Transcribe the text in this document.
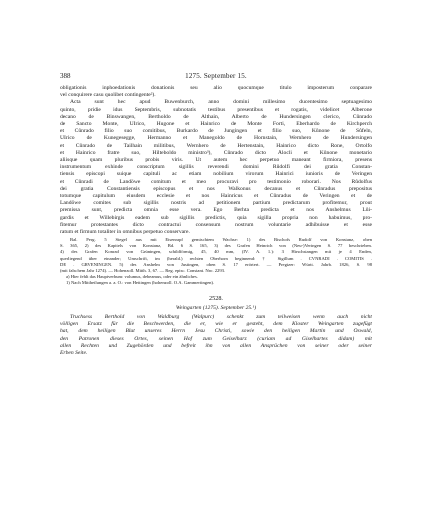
388	1275. September 15.
obligationis inphoedationis donationis seu alio quocumque titulo imposterum conparare
vel conquirere casu quolibet contingente²).
Acta sunt hec apud Buwenburch, anno domini millesimo ducentesimo septuagesimo
quinto, pridie idus Septembris, subnotatis testibus presentibus et rogatis, videlicet Alberone
decano de Binswangen, Bertholdo de Althain, Alberto de Hundersingen clerico, Cůnrado
de Sancto Monte, ŪIrico, Hugone et Hainrico de Monte Forti, Eberhardo de Kirchperch
et Cůnrado filio suo comitibus, Burkardo de Jungingen et filio suo, Kůnone de Sůfeln,
ŪIrico de Kunegesegge, Hermanno et Manegoldo de Hornstain, Wernhero de Hundersingen
et Cůnrado de Tailhain militibus, Wernhero de Hertenstain, Hainrico dicto Rone, Ortolfo
et Hainrico fratre suo, Hilteboldo ministro³), Cůnrado dicto Ålocli et Kůnone monetario
aliisque quam pluribus probis viris. Ut autem hec perpetuo maneant firmiora, presens
instrumentum exhinde conscriptum sigillis reverendi domini Růdolfi dei gratia Constan-
tiensis episcopi suique capituli ac etiam nobilium virorum Hainrici iunioris de Veringen
et Cůnradi de Landöwe comitum et meo procuravi pro testimonio roborari. Nos Růdolfus
dei gratia Constantiensis episcopus et nos Walkonus decanus et Cůnradus prepositus
totumque capitulum eiusdem ecclesie et nos Hainricus et Cůnradus de Veringen et de
Landöwe comites sub sigillis nostris ad petitionem partium predictarum profitemur, prout
premissa sunt, predicta omnia esse vera. Ego Berhta predicta et nos Anshelmus Lůi-
gardis et Willebirgis eadem sub sigillis predictis, quia sigilla propria non habuimus, pro-
fitemur protestantes dicto contractui consensum nostrum voluntarie adhibuisse et esse
ratum et firmum totaliter in omnibus perpetuo conservare.
Bal. Perg. 5 Siegel aus mit Eisenrapf gemischtem Wachse: 1) des Bischofs Rudolf von Konstanz, oben
S. 365, 2) des Kapitels von Konstanz, Bd. 6 S. 165, 3) des Grafen Heinrich von (Neu-)Veringen S. 77 beschrieben.
4) des Grafen Konrad von Grüningen, schildförmig, 45, 40 mm, (IV. A. 1.): 3 Hirschstangen mit je 4 Enden,
querliegend über einander; Umschrift, im (herald.) rechten Oberhorn beginnend: † Sigillum . CVNRADI . COMITIS .
DE . GRVENINGEN. 5) des Anshelm von Justingen, oben S. 17 erörtert. — Pregizer: Württ. Jahrb. 1826, S. 98
(mit falschem Jahr 1274). — Hohenzoll. Mitth. 3, 67. — Reg. episc. Constant. Nro. 2293.
a) Hier fehlt das Hauptverbum: volumus, debeamus, oder ein ähnliches.
1) Nach Mittheilungen a. a. O.: von Hettingen (hohenzoll. O.A. Gammertingen).
2528.
Weingarten (1275). September 25.¹)
Truchsess Berthold von Waldburg (Walpurc) schenkt zum teilweisen wenn auch nicht
völligen Ersatz für die Beschwerden, die er, wie er gesteht, dem Kloster Weingarten zugefügt
hat, dem heiligen Blut unseres Herrn Jesu Christi, sowie den heiligen Martin und Oswald,
den Patronen dieses Ortes, seinen Hof zum Geiselharz (curiam ad Giselhartes didam) mit
allen Rechten und Zugehörden und befreit ihn von allen Ansprüchen von seiner oder seiner
Erben Seite.
